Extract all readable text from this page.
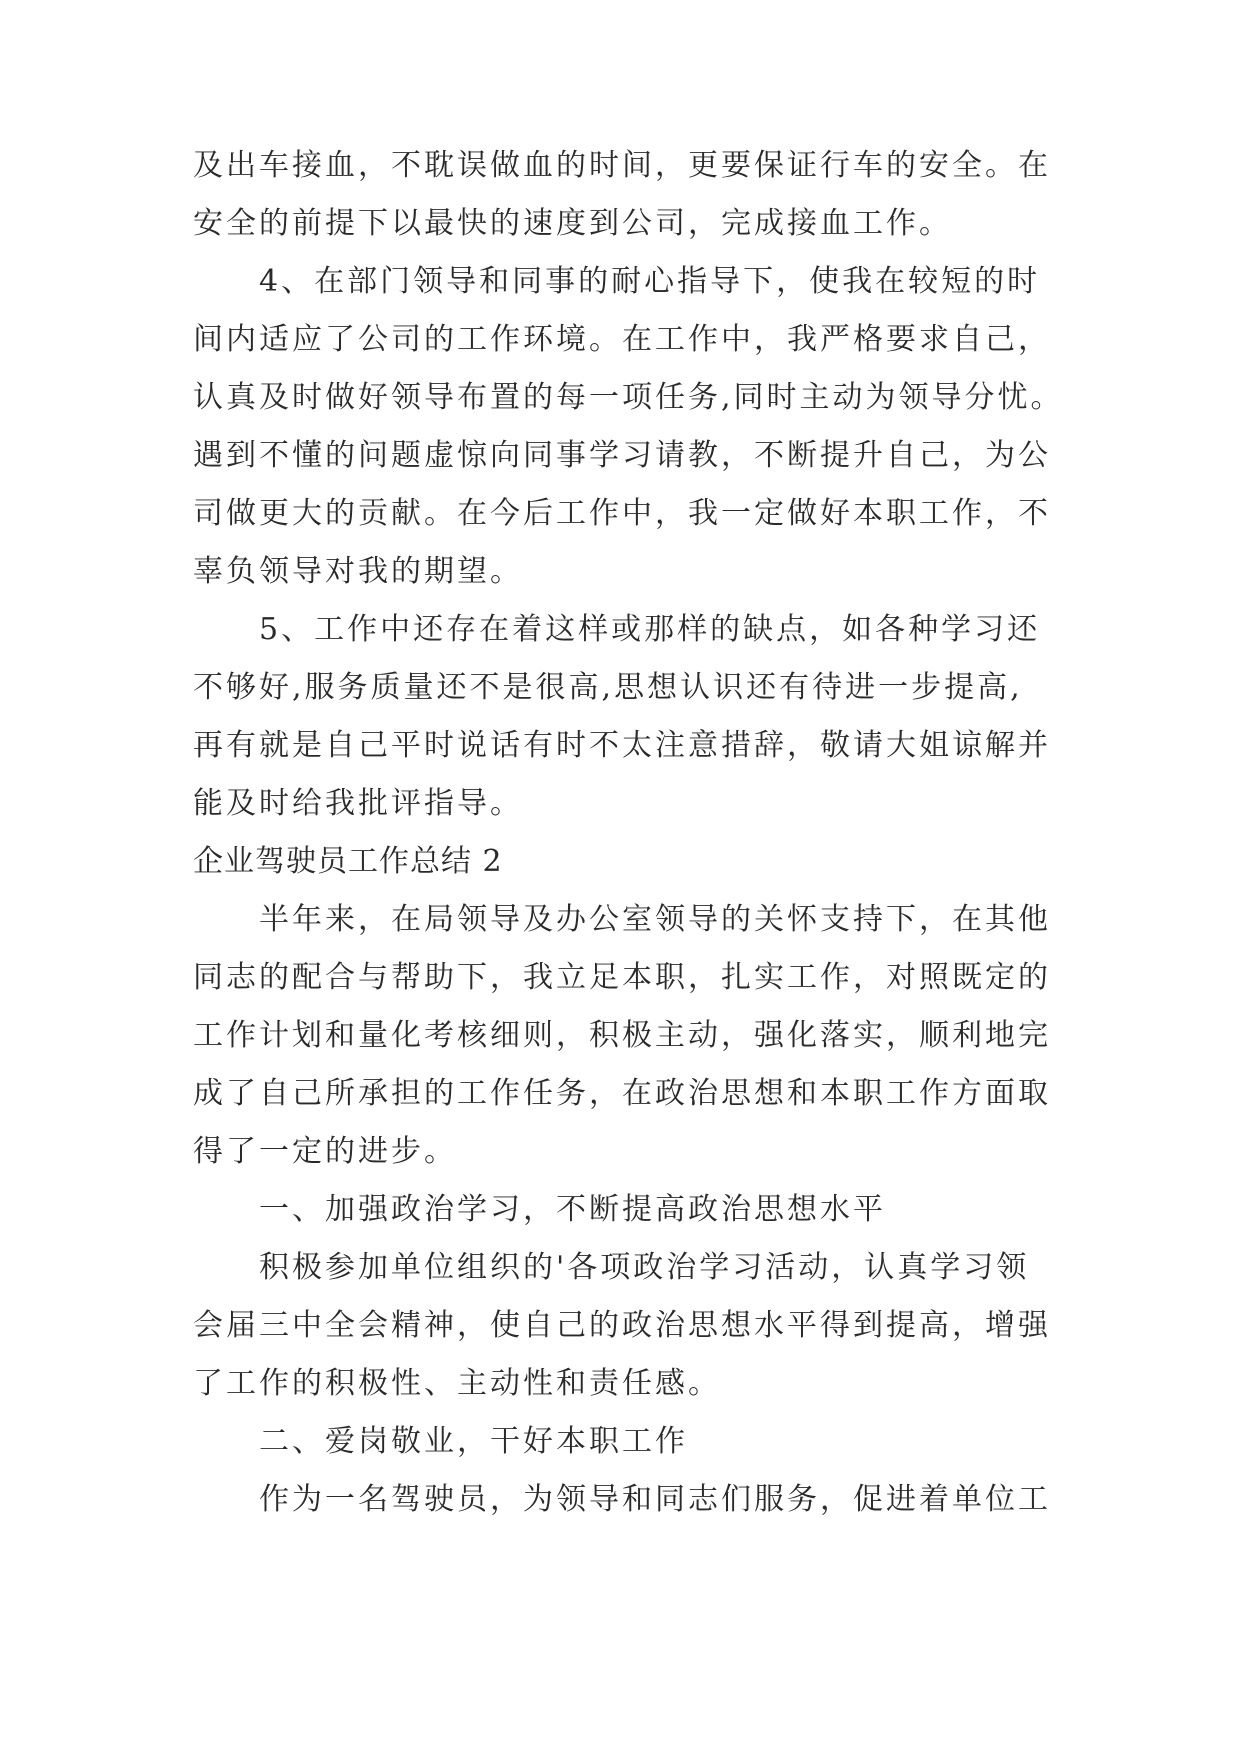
及出车接血，不耽误做血的时间，更要保证行车的安全。在
安全的前提下以最快的速度到公司，完成接血工作。
4、在部门领导和同事的耐心指导下，使我在较短的时
间内适应了公司的工作环境。在工作中，我严格要求自己，
认真及时做好领导布置的每一项任务,同时主动为领导分忧。
遇到不懂的问题虚惊向同事学习请教，不断提升自己，为公
司做更大的贡献。在今后工作中，我一定做好本职工作，不
辜负领导对我的期望。
5、工作中还存在着这样或那样的缺点，如各种学习还
不够好,服务质量还不是很高,思想认识还有待进一步提高,
再有就是自己平时说话有时不太注意措辞，敬请大姐谅解并
能及时给我批评指导。
企业驾驶员工作总结 2
半年来，在局领导及办公室领导的关怀支持下，在其他
同志的配合与帮助下，我立足本职，扎实工作，对照既定的
工作计划和量化考核细则，积极主动，强化落实，顺利地完
成了自己所承担的工作任务，在政治思想和本职工作方面取
得了一定的进步。
一、加强政治学习，不断提高政治思想水平
积极参加单位组织的'各项政治学习活动，认真学习领
会届三中全会精神，使自己的政治思想水平得到提高，增强
了工作的积极性、主动性和责任感。
二、爱岗敬业，干好本职工作
作为一名驾驶员，为领导和同志们服务，促进着单位工
